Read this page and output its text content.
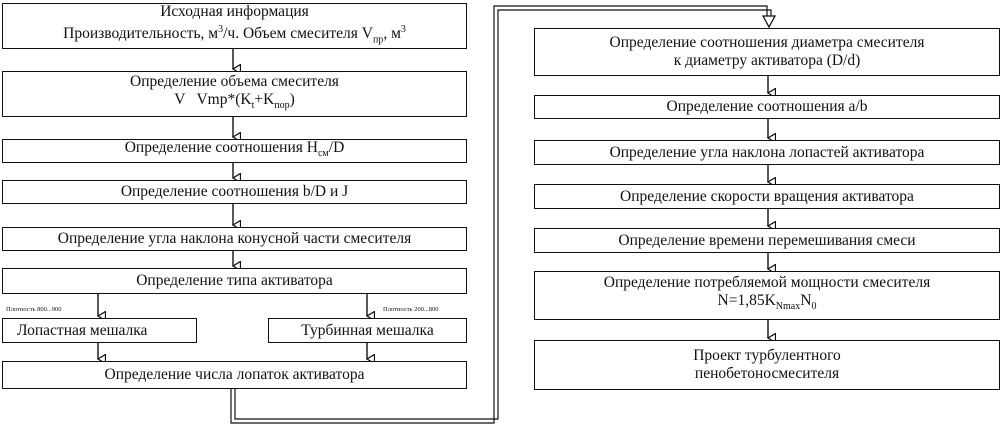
Исходная информация
Производительность, $м^3/ч$. Объем смесителя $V_{пр}$, $м^3$
Определение объема смесителя
V   $Vmp*(K_t+K_{пор})$
Определение соотношения $H_{см}/D$
Определение соотношения b/D и J
Определение угла наклона конусной части смесителя
Определение типа активатора
Плотность 800...900	Плотность 200...800
Лопастная мешалка	Турбинная мешалка
Определение числа лопаток активатора
Определение соотношения диаметра смесителя
к диаметру активатора (D/d)
Определение соотношения a/b
Определение угла наклона лопастей активатора
Определение скорости вращения активатора
Определение времени перемешивания смеси
Определение потребляемой мощности смесителя
$N=1,85K_{Nmax}N_0$
Проект турбулентного
пенобетоносмесителя
